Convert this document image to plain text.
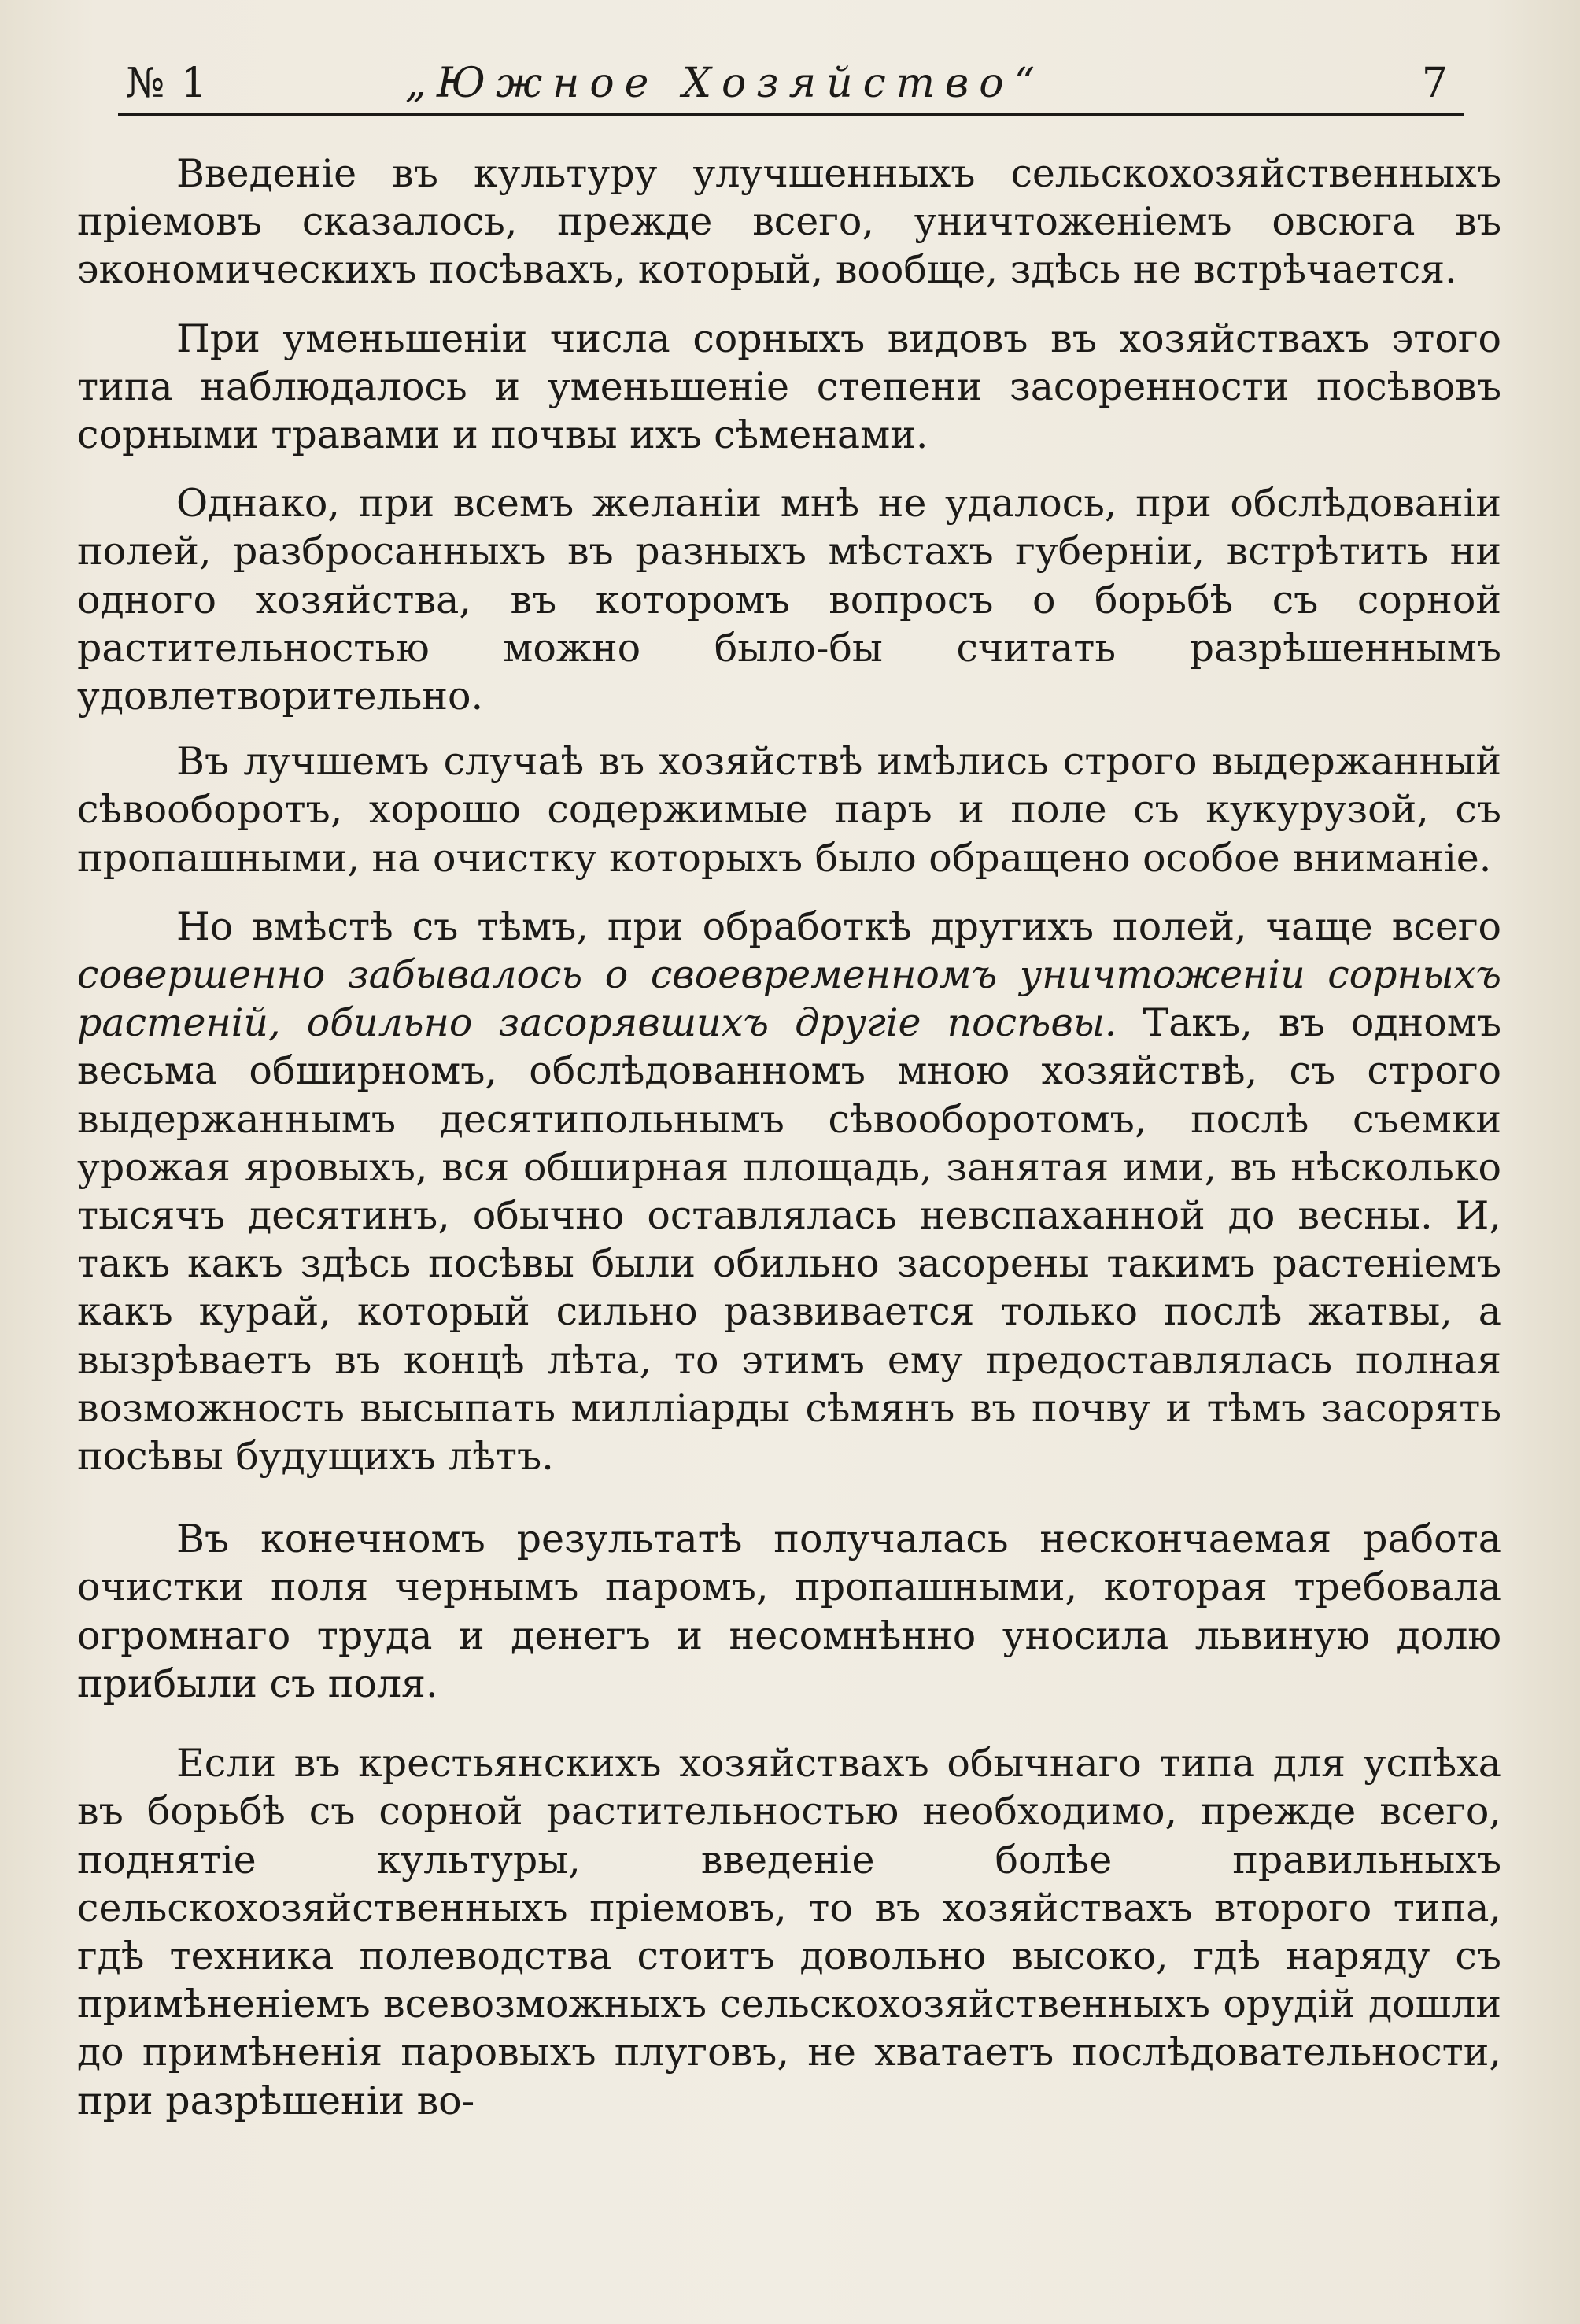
№ 1	„Южное Хозяйство“	7

Введенiе въ культуру улучшенныхъ сельскохозяйственныхъ прiемовъ сказалось, прежде всего, уничтоженiемъ овсюга въ экономическихъ посѣвахъ, который, вообще, здѣсь не встрѣчается.

При уменьшенiи числа сорныхъ видовъ въ хозяйствахъ этого типа наблюдалось и уменьшенiе степени засоренности посѣвовъ сорными травами и почвы ихъ сѣменами.

Однако, при всемъ желанiи мнѣ не удалось, при обслѣдованiи полей, разбросанныхъ въ разныхъ мѣстахъ губернiи, встрѣтить ни одного хозяйства, въ которомъ вопросъ о борьбѣ съ сорной растительностью можно было-бы считать разрѣшеннымъ удовлетворительно.

Въ лучшемъ случаѣ въ хозяйствѣ имѣлись строго выдержанный сѣвооборотъ, хорошо содержимые паръ и поле съ кукурузой, съ пропашными, на очистку которыхъ было обращено особое вниманiе.

Но вмѣстѣ съ тѣмъ, при обработкѣ другихъ полей, чаще всего совершенно забывалось о своевременномъ уничтоженiи сорныхъ растенiй, обильно засорявшихъ другiе посѣвы. Такъ, въ одномъ весьма обширномъ, обслѣдованномъ мною хозяйствѣ, съ строго выдержаннымъ десятипольнымъ сѣвооборотомъ, послѣ съемки урожая яровыхъ, вся обширная площадь, занятая ими, въ нѣсколько тысячъ десятинъ, обычно оставлялась невспаханной до весны. И, такъ какъ здѣсь посѣвы были обильно засорены такимъ растенiемъ какъ курай, который сильно развивается только послѣ жатвы, а вызрѣваетъ въ концѣ лѣта, то этимъ ему предоставлялась полная возможность высыпать миллiарды сѣмянъ въ почву и тѣмъ засорять посѣвы будущихъ лѣтъ.

Въ конечномъ результатѣ получалась нескончаемая работа очистки поля чернымъ паромъ, пропашными, которая требовала огромнаго труда и денегъ и несомнѣнно уносила львиную долю прибыли съ поля.

Если въ крестьянскихъ хозяйствахъ обычнаго типа для успѣха въ борьбѣ съ сорной растительностью необходимо, прежде всего, поднятiе культуры, введенiе болѣе правильныхъ сельскохозяйственныхъ прiемовъ, то въ хозяйствахъ второго типа, гдѣ техника полеводства стоитъ довольно высоко, гдѣ наряду съ примѣненiемъ всевозможныхъ сельскохозяйственныхъ орудiй дошли до примѣненiя паровыхъ плуговъ, не хватаетъ послѣдовательности, при разрѣшенiи во-
